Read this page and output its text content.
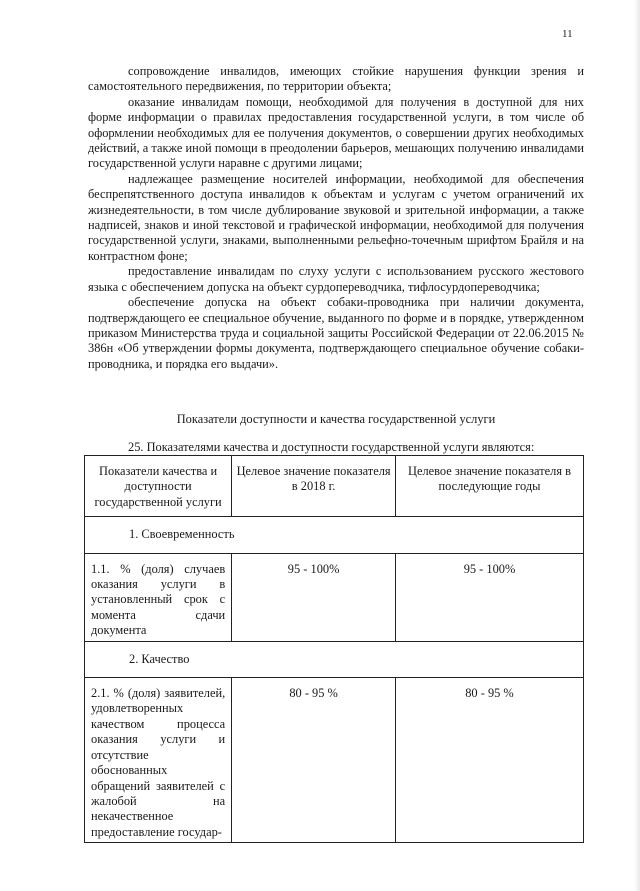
11

сопровождение инвалидов, имеющих стойкие нарушения функции зрения и самостоятельного передвижения, по территории объекта;

оказание инвалидам помощи, необходимой для получения в доступной для них форме информации о правилах предоставления государственной услуги, в том числе об оформлении необходимых для ее получения документов, о совершении других необходимых действий, а также иной помощи в преодолении барьеров, мешающих получению инвалидами государственной услуги наравне с другими лицами;

надлежащее размещение носителей информации, необходимой для обеспечения беспрепятственного доступа инвалидов к объектам и услугам с учетом ограничений их жизнедеятельности, в том числе дублирование звуковой и зрительной информации, а также надписей, знаков и иной текстовой и графической информации, необходимой для получения государственной услуги, знаками, выполненными рельефно-точечным шрифтом Брайля и на контрастном фоне;

предоставление инвалидам по слуху услуги с использованием русского жестового языка с обеспечением допуска на объект сурдопереводчика, тифлосурдопереводчика;

обеспечение допуска на объект собаки-проводника при наличии документа, подтверждающего ее специальное обучение, выданного по форме и в порядке, утвержденном приказом Министерства труда и социальной защиты Российской Федерации от 22.06.2015 № 386н «Об утверждении формы документа, подтверждающего специальное обучение собаки-проводника, и порядка его выдачи».

Показатели доступности и качества государственной услуги
25. Показателями качества и доступности государственной услуги являются:
Показатели качества и доступности государственной услуги	Целевое значение показателя в 2018 г.	Целевое значение показателя в последующие годы
1. Своевременность		
1.1. % (доля) случаев оказания услуги в установленный срок с момента сдачи документа	95 - 100%	95 - 100%
2. Качество		
2.1. % (доля) заявителей, удовлетворенных качеством процесса оказания услуги и отсутствие обоснованных обращений заявителей с жалобой на некачественное предоставление государ-	80 - 95 %	80 - 95 %
